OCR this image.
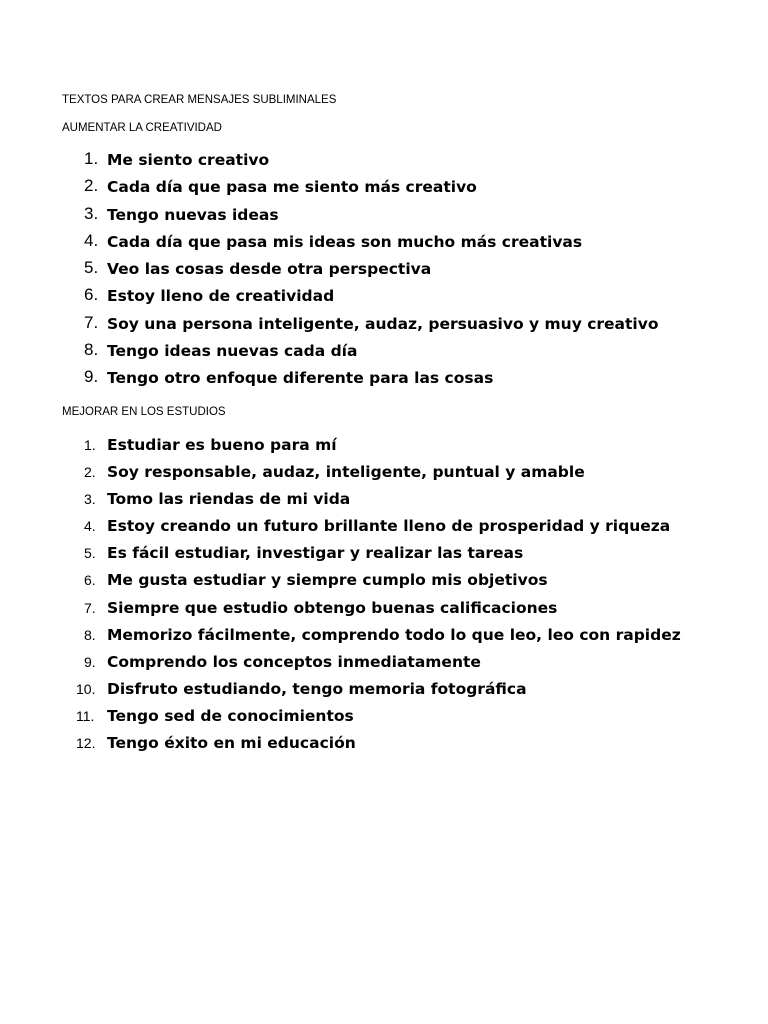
TEXTOS PARA CREAR MENSAJES SUBLIMINALES
AUMENTAR LA CREATIVIDAD
1. Me siento creativo
2. Cada día que pasa me siento más creativo
3. Tengo nuevas ideas
4. Cada día que pasa mis ideas son mucho más creativas
5. Veo las cosas desde otra perspectiva
6. Estoy lleno de creatividad
7. Soy una persona inteligente, audaz, persuasivo y muy creativo
8. Tengo ideas nuevas cada día
9. Tengo otro enfoque diferente para las cosas
MEJORAR EN LOS ESTUDIOS
1. Estudiar es bueno para mí
2. Soy responsable, audaz, inteligente, puntual y amable
3. Tomo las riendas de mi vida
4. Estoy creando un futuro brillante lleno de prosperidad y riqueza
5. Es fácil estudiar, investigar y realizar las tareas
6. Me gusta estudiar y siempre cumplo mis objetivos
7. Siempre que estudio obtengo buenas calificaciones
8. Memorizo fácilmente, comprendo todo lo que leo, leo con rapidez
9. Comprendo los conceptos inmediatamente
10. Disfruto estudiando, tengo memoria fotográfica
11. Tengo sed de conocimientos
12. Tengo éxito en mi educación
